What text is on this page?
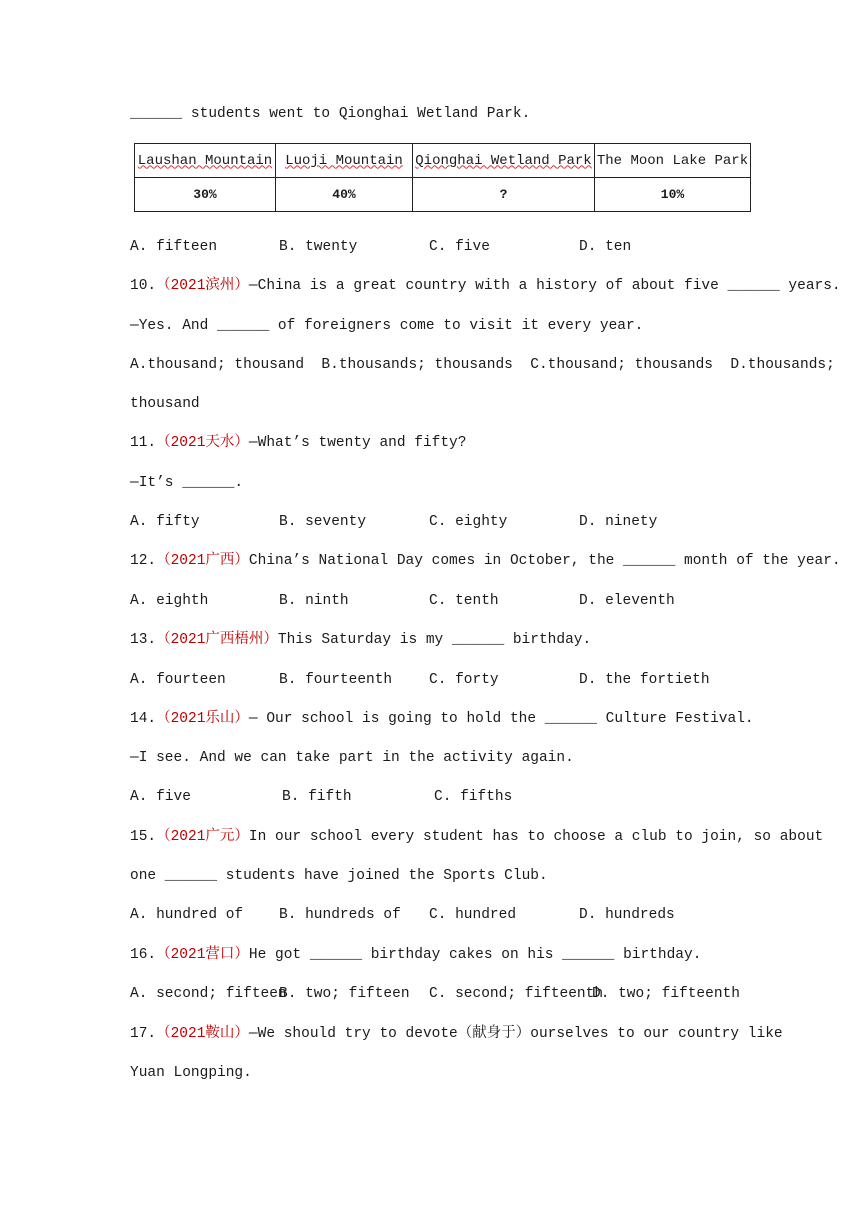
______ students went to Qionghai Wetland Park.
Laushan Mountain	Luoji Mountain	Qionghai Wetland Park	The Moon Lake Park
30%	40%	?	10%
A. fifteen	B. twenty	C. five	D. ten
10.（2021滨州）—China is a great country with a history of about five ______ years.
—Yes. And ______ of foreigners come to visit it every year.
A.thousand; thousand  B.thousands; thousands  C.thousand; thousands  D.thousands;
thousand
11.（2021天水）—What’s twenty and fifty?
—It’s ______.
A. fifty	B. seventy	C. eighty	D. ninety
12.（2021广西）China’s National Day comes in October, the ______ month of the year.
A. eighth	B. ninth	C. tenth	D. eleventh
13.（2021广西梧州）This Saturday is my ______ birthday.
A. fourteen	B. fourteenth	C. forty	D. the fortieth
14.（2021乐山）— Our school is going to hold the ______ Culture Festival.
—I see. And we can take part in the activity again.
A. five	B. fifth	C. fifths
15.（2021广元）In our school every student has to choose a club to join, so about
one ______ students have joined the Sports Club.
A. hundred of B. hundreds of C. hundred	D. hundreds
16.（2021营口）He got ______ birthday cakes on his ______ birthday.
A. second; fifteen
B. two; fifteen C. second; fifteenth
D. two; fifteenth
17.（2021鞍山）—We should try to devote（献身于）ourselves to our country like
Yuan Longping.
